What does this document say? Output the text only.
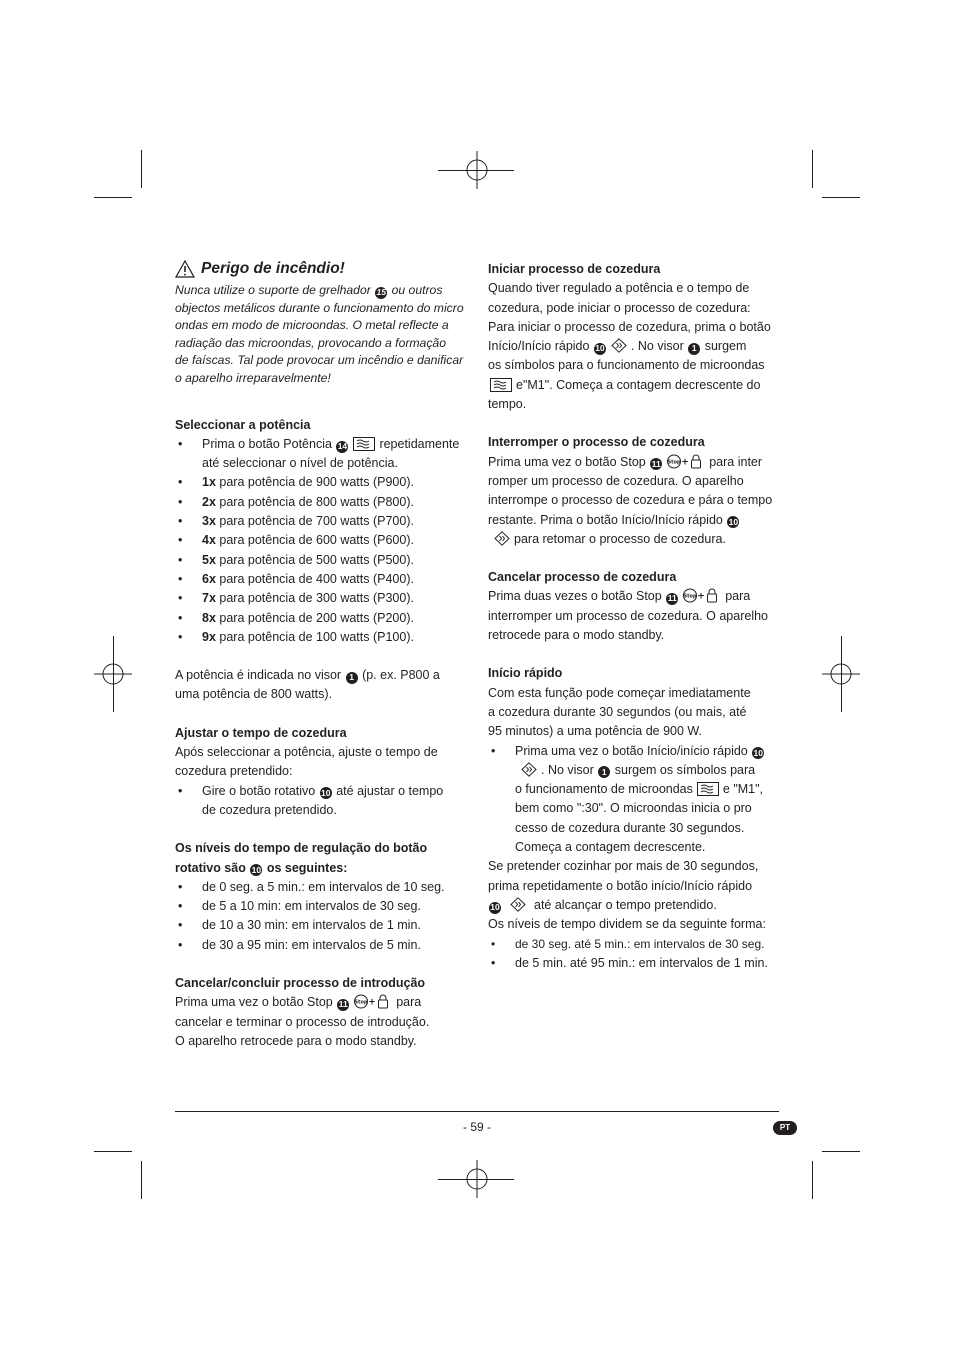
Perigo de incêndio!

Nunca utilize o suporte de grelhador 15 ou outros

objectos metálicos durante o funcionamento do micro

ondas em modo de microondas. O metal reflecte a

radiação das microondas, provocando a formação

de faíscas. Tal pode provocar um incêndio e danificar

o aparelho irreparavelmente!

Seleccionar a potência

• Prima o botão Potência 14	repetidamente
até seleccionar o nível de potência.
• 1x para potência de 900 watts (P900).
• 2x para potência de 800 watts (P800).
• 3x para potência de 700 watts (P700).
• 4x para potência de 600 watts (P600).
• 5x para potência de 500 watts (P500).
• 6x para potência de 400 watts (P400).
• 7x para potência de 300 watts (P300).
• 8x para potência de 200 watts (P200).
• 9x para potência de 100 watts (P100).

A potência é indicada no visor 1 (p. ex. P800 a
uma potência de 800 watts).

Ajustar o tempo de cozedura

Após seleccionar a potência, ajuste o tempo de
cozedura pretendido:

• Gire o botão rotativo 10 até ajustar o tempo
de cozedura pretendido.

Os níveis do tempo de regulação do botão
rotativo são 10 os seguintes:

• de 0 seg. a 5 min.: em intervalos de 10 seg.
• de 5 a 10 min: em intervalos de 30 seg.
• de 10 a 30 min: em intervalos de 1 min.
• de 30 a 95 min: em intervalos de 5 min.

Cancelar/concluir processo de introdução

Prima uma vez o botão Stop 11 Stop + para
cancelar e terminar o processo de introdução.
O aparelho retrocede para o modo standby.

Iniciar processo de cozedura

Quando tiver regulado a potência e o tempo de
cozedura, pode iniciar o processo de cozedura:
Para iniciar o processo de cozedura, prima o botão
Início/Início rápido 10 . No visor 1 surgem
os símbolos para o funcionamento de microondas
e"M1". Começa a contagem decrescente do
tempo.

Interromper o processo de cozedura

Prima uma vez o botão Stop 11 Stop + para inter
romper um processo de cozedura. O aparelho
interrompe o processo de cozedura e pára o tempo
restante. Prima o botão Início/Início rápido 10
para retomar o processo de cozedura.

Cancelar processo de cozedura

Prima duas vezes o botão Stop 11 Stop + para
interromper um processo de cozedura. O aparelho
retrocede para o modo standby.

Início rápido

Com esta função pode começar imediatamente
a cozedura durante 30 segundos (ou mais, até
95 minutos) a uma potência de 900 W.

• Prima uma vez o botão Início/início rápido 10
. No visor 1 surgem os símbolos para
o funcionamento de microondas e "M1",
bem como ":30". O microondas inicia o pro
cesso de cozedura durante 30 segundos.
Começa a contagem decrescente.

Se pretender cozinhar por mais de 30 segundos,
prima repetidamente o botão início/Início rápido
10	até alcançar o tempo pretendido.
Os níveis de tempo dividem se da seguinte forma:

• de 30 seg. até 5 min.: em intervalos de 30 seg.
• de 5 min. até 95 min.: em intervalos de 1 min.
- 59 -	PT
